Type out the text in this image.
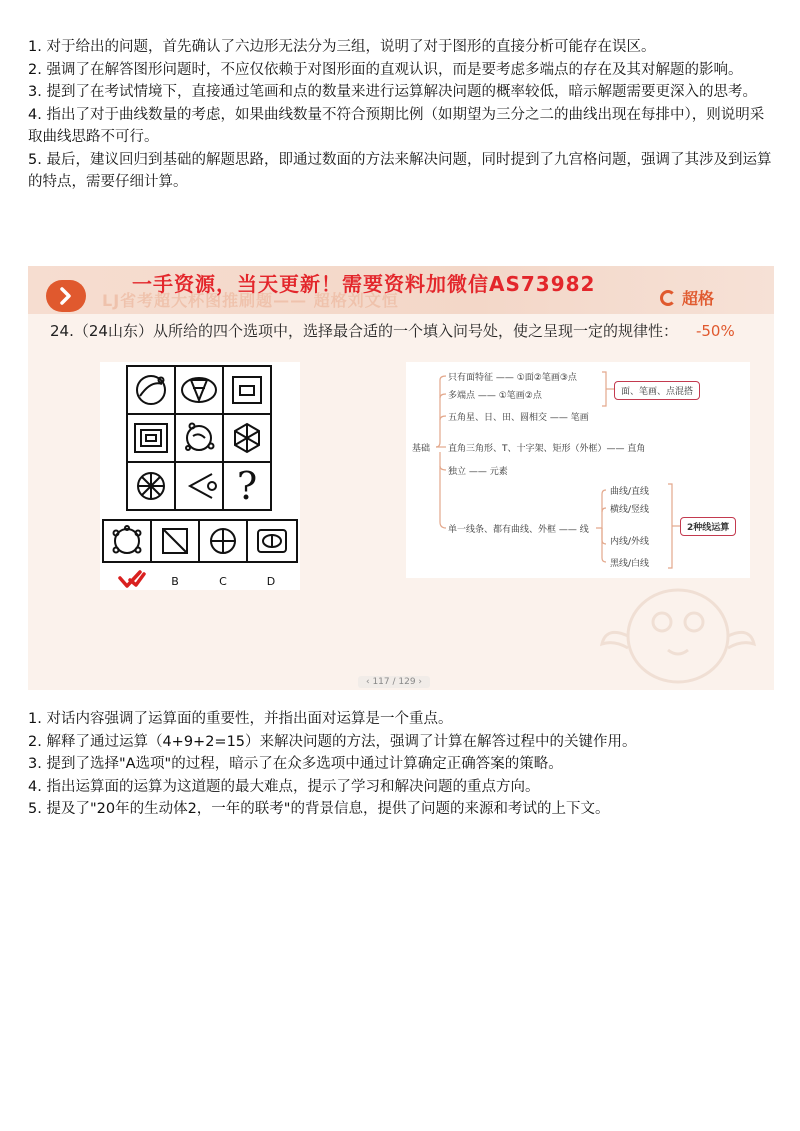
1. 对于给出的问题，首先确认了六边形无法分为三组，说明了对于图形的直接分析可能存在误区。

2. 强调了在解答图形问题时，不应仅依赖于对图形面的直观认识，而是要考虑多端点的存在及其对解题的影响。

3. 提到了在考试情境下，直接通过笔画和点的数量来进行运算解决问题的概率较低，暗示解题需要更深入的思考。

4. 指出了对于曲线数量的考虑，如果曲线数量不符合预期比例（如期望为三分之二的曲线出现在每排中），则说明采取曲线思路不可行。

5. 最后，建议回归到基础的解题思路，即通过数面的方法来解决问题，同时提到了九宫格问题，强调了其涉及到运算的特点，需要仔细计算。

LJ省考超大杯图推刷题—— 超格刘文恒
一手资源，当天更新！需要资料加微信AS73982
超格
24.（24山东）从所给的四个选项中，选择最合适的一个填入问号处，使之呈现一定的规律性： -50%
?
B	C	D
基础
只有面特征 —— ①面②笔画③点
多端点 —— ①笔画②点
五角星、日、田、圆相交 —— 笔画
直角三角形、T、十字架、矩形（外框）—— 直角
独立 —— 元素
单一线条、都有曲线、外框 —— 线
面、笔画、点混搭
曲线/直线
横线/竖线
内线/外线
黑线/白线
2种线运算
‹ 117 / 129 ›

1. 对话内容强调了运算面的重要性，并指出面对运算是一个重点。

2. 解释了通过运算（4+9+2=15）来解决问题的方法，强调了计算在解答过程中的关键作用。

3. 提到了选择"A选项"的过程，暗示了在众多选项中通过计算确定正确答案的策略。

4. 指出运算面的运算为这道题的最大难点，提示了学习和解决问题的重点方向。

5. 提及了"20年的生动体2，一年的联考"的背景信息，提供了问题的来源和考试的上下文。
